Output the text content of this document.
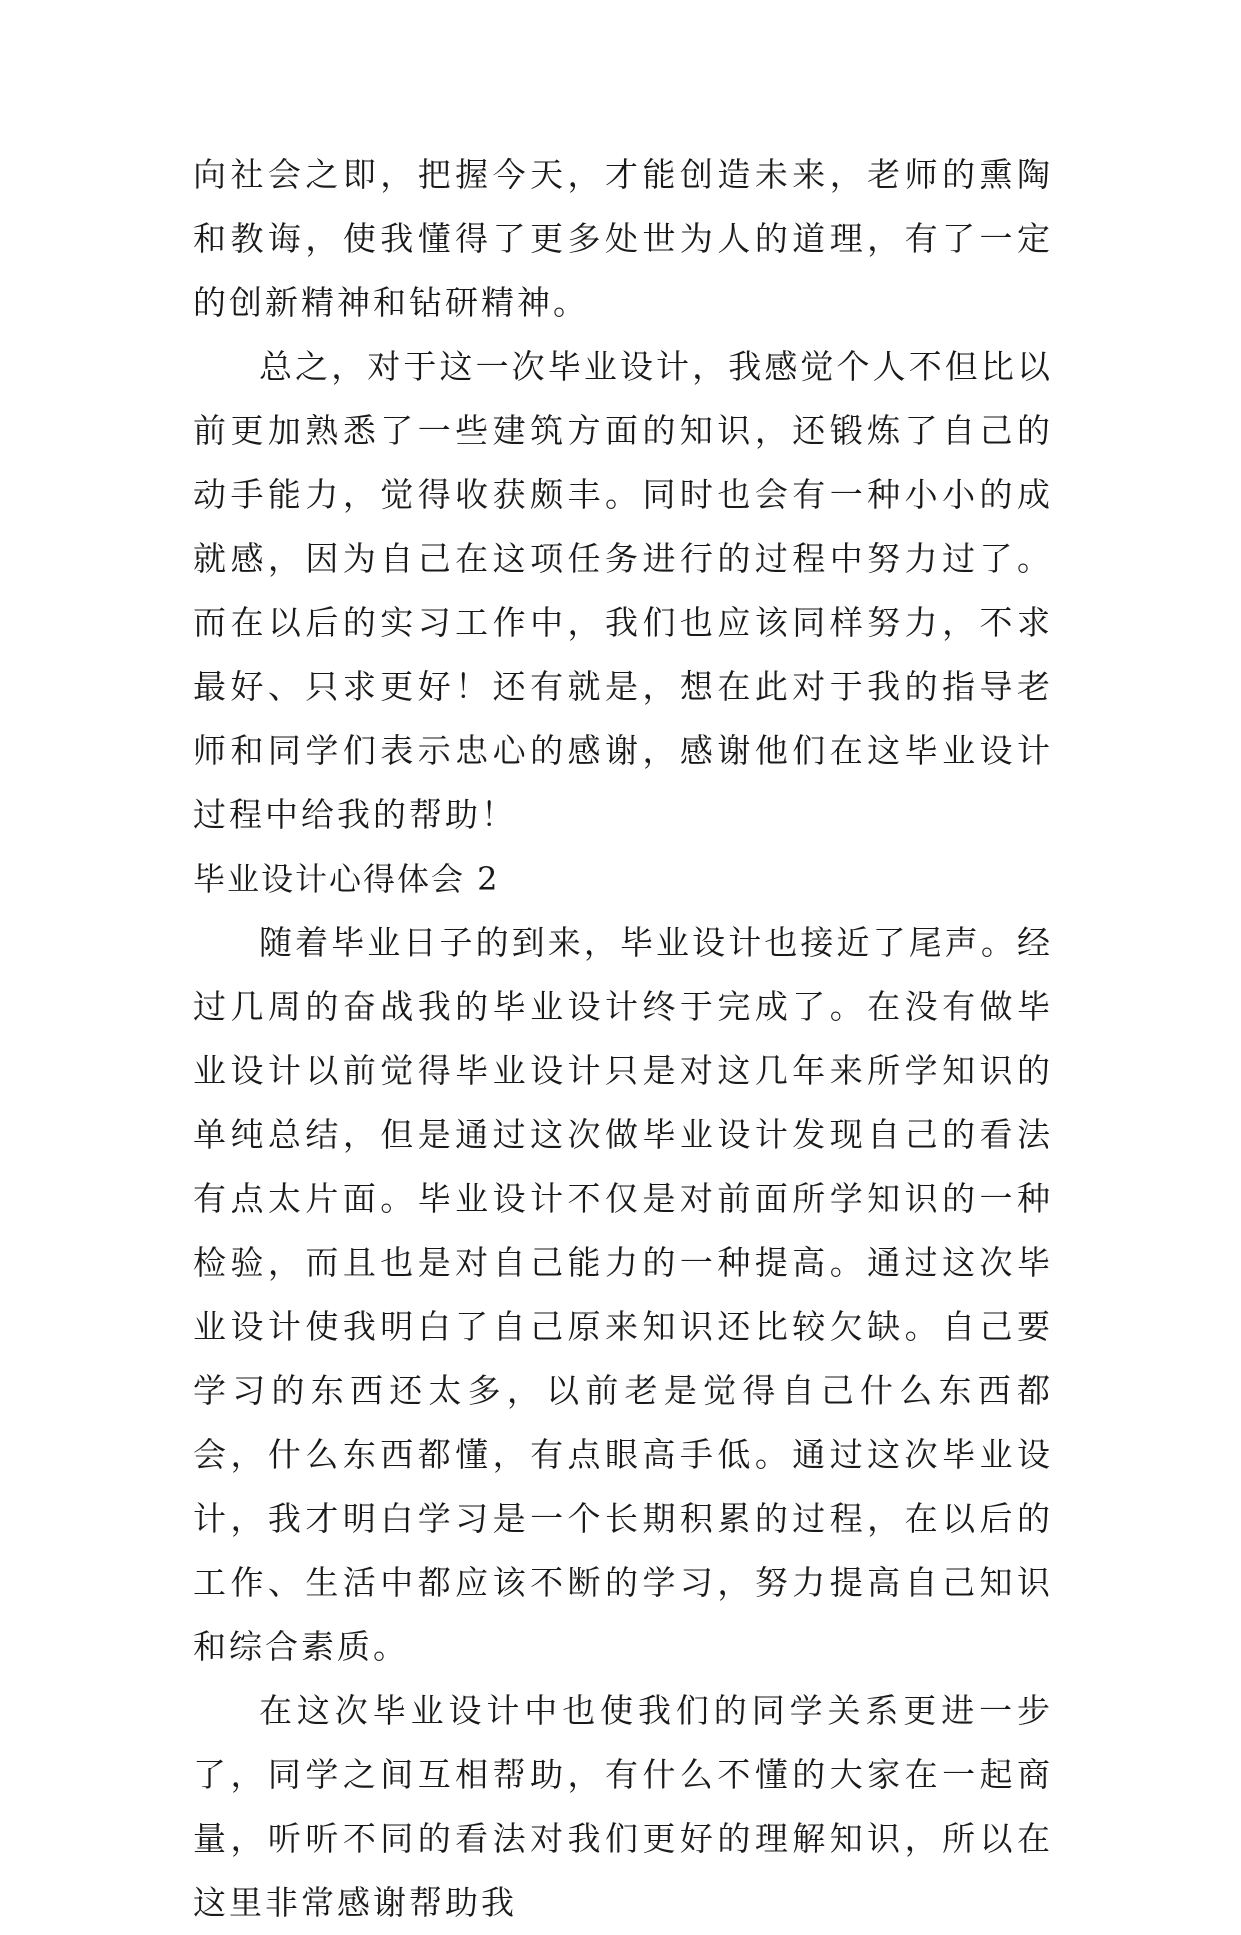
向社会之即，把握今天，才能创造未来，老师的熏陶和教诲，使我懂得了更多处世为人的道理，有了一定的创新精神和钻研精神。

总之，对于这一次毕业设计，我感觉个人不但比以前更加熟悉了一些建筑方面的知识，还锻炼了自己的动手能力，觉得收获颇丰。同时也会有一种小小的成就感，因为自己在这项任务进行的过程中努力过了。而在以后的实习工作中，我们也应该同样努力，不求最好、只求更好！还有就是，想在此对于我的指导老师和同学们表示忠心的感谢，感谢他们在这毕业设计过程中给我的帮助！

毕业设计心得体会 2

随着毕业日子的到来，毕业设计也接近了尾声。经过几周的奋战我的毕业设计终于完成了。在没有做毕业设计以前觉得毕业设计只是对这几年来所学知识的单纯总结，但是通过这次做毕业设计发现自己的看法有点太片面。毕业设计不仅是对前面所学知识的一种检验，而且也是对自己能力的一种提高。通过这次毕业设计使我明白了自己原来知识还比较欠缺。自己要学习的东西还太多，以前老是觉得自己什么东西都会，什么东西都懂，有点眼高手低。通过这次毕业设计，我才明白学习是一个长期积累的过程，在以后的工作、生活中都应该不断的学习，努力提高自己知识和综合素质。

在这次毕业设计中也使我们的同学关系更进一步了，同学之间互相帮助，有什么不懂的大家在一起商量，听听不同的看法对我们更好的理解知识，所以在这里非常感谢帮助我
